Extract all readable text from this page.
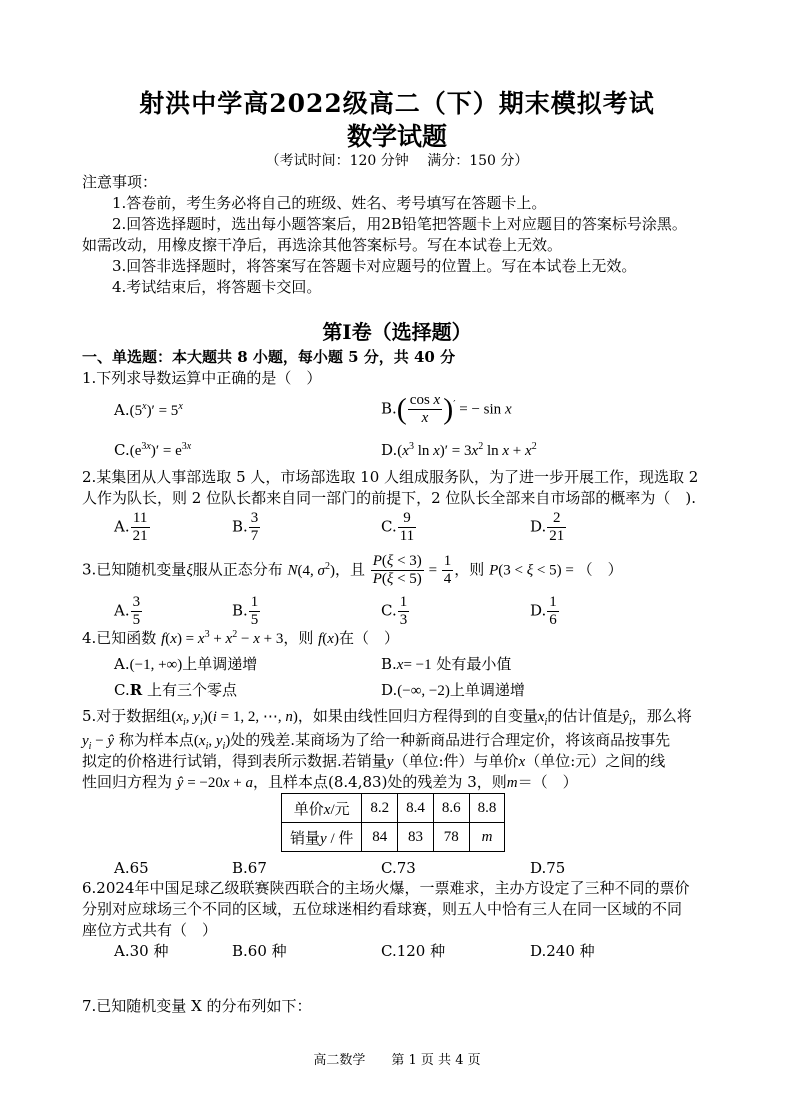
射洪中学高2022级高二（下）期末模拟考试
数学试题
（考试时间：120 分钟　 满分：150 分）
注意事项：
1.答卷前，考生务必将自己的班级、姓名、考号填写在答题卡上。
2.回答选择题时，选出每小题答案后，用2B铅笔把答题卡上对应题目的答案标号涂黑。
如需改动，用橡皮擦干净后，再选涂其他答案标号。写在本试卷上无效。
3.回答非选择题时，将答案写在答题卡对应题号的位置上。写在本试卷上无效。
4.考试结束后，将答题卡交回。
第I卷（选择题）
一、单选题：本大题共 8 小题，每小题 5 分，共 40 分
1.下列求导数运算中正确的是（　）
$A.(5^x)' = 5^x$	$B.( \frac{\text{cos x}}{x} )'$ = − sin x
$C.(e^{3x})' = e^{3x}$	$D.(x^3$ $\ln x)' = 3x^2$ $\ln x + x^2$
2.某集团从人事部选取 5 人，市场部选取 10 人组成服务队，为了进一步开展工作，现选取 2
人作为队长，则 2 位队长都来自同一部门的前提下，2 位队长全部来自市场部的概率为（　).
A. $\frac{11}{21}$	B. $\frac{3}{7}$	C. $\frac{9}{11}$	D. $\frac{2}{21}$
3.已知随机变量ξ服从正态分布 N(4, $\sigma^2$)，且 $\frac{P(\xi < 3)}{P(\xi < 5)} = \frac{1}{4}$ ，则 P(3 < ξ < 5) = （　）
A. $\frac{3}{5}$	B. $\frac{1}{5}$	C. $\frac{1}{3}$	D. $\frac{1}{6}$
4.已知函数 $f(x) = x^3 + x^2 - x + 3$，则 f(x)在（　）
A.(−1, +∞)上单调递增	B.x= −1 处有最小值
C.R 上有三个零点	D.(−∞, −2)上单调递增
5.对于数据组($x_i$, $y_i)(i = 1$, 2, ⋯, n)，如果由线性回归方程得到的自变量$x_i$的估计值是$ŷ_i$，那么将
$y_i$ − ŷ 称为样本点($x_i$, $y_i$)处的残差.某商场为了给一种新商品进行合理定价，将该商品按事先
拟定的价格进行试销，得到表所示数据.若销量y（单位:件）与单价x（单位:元）之间的线
性回归方程为 ŷ = −20x + a，且样本点(8.4,83)处的残差为 3，则m＝（　）
单价x/元	8.2	8.4	8.6	8.8
销量y / 件	84	83	78	m
A.65	B.67	C.73	D.75
6.2024年中国足球乙级联赛陕西联合的主场火爆，一票难求，主办方设定了三种不同的票价
分别对应球场三个不同的区域，五位球迷相约看球赛，则五人中恰有三人在同一区域的不同
座位方式共有（　）
A.30 种	B.60 种	C.120 种	D.240 种
7.已知随机变量 X 的分布列如下：
高二数学　　第 1 页 共 4 页
